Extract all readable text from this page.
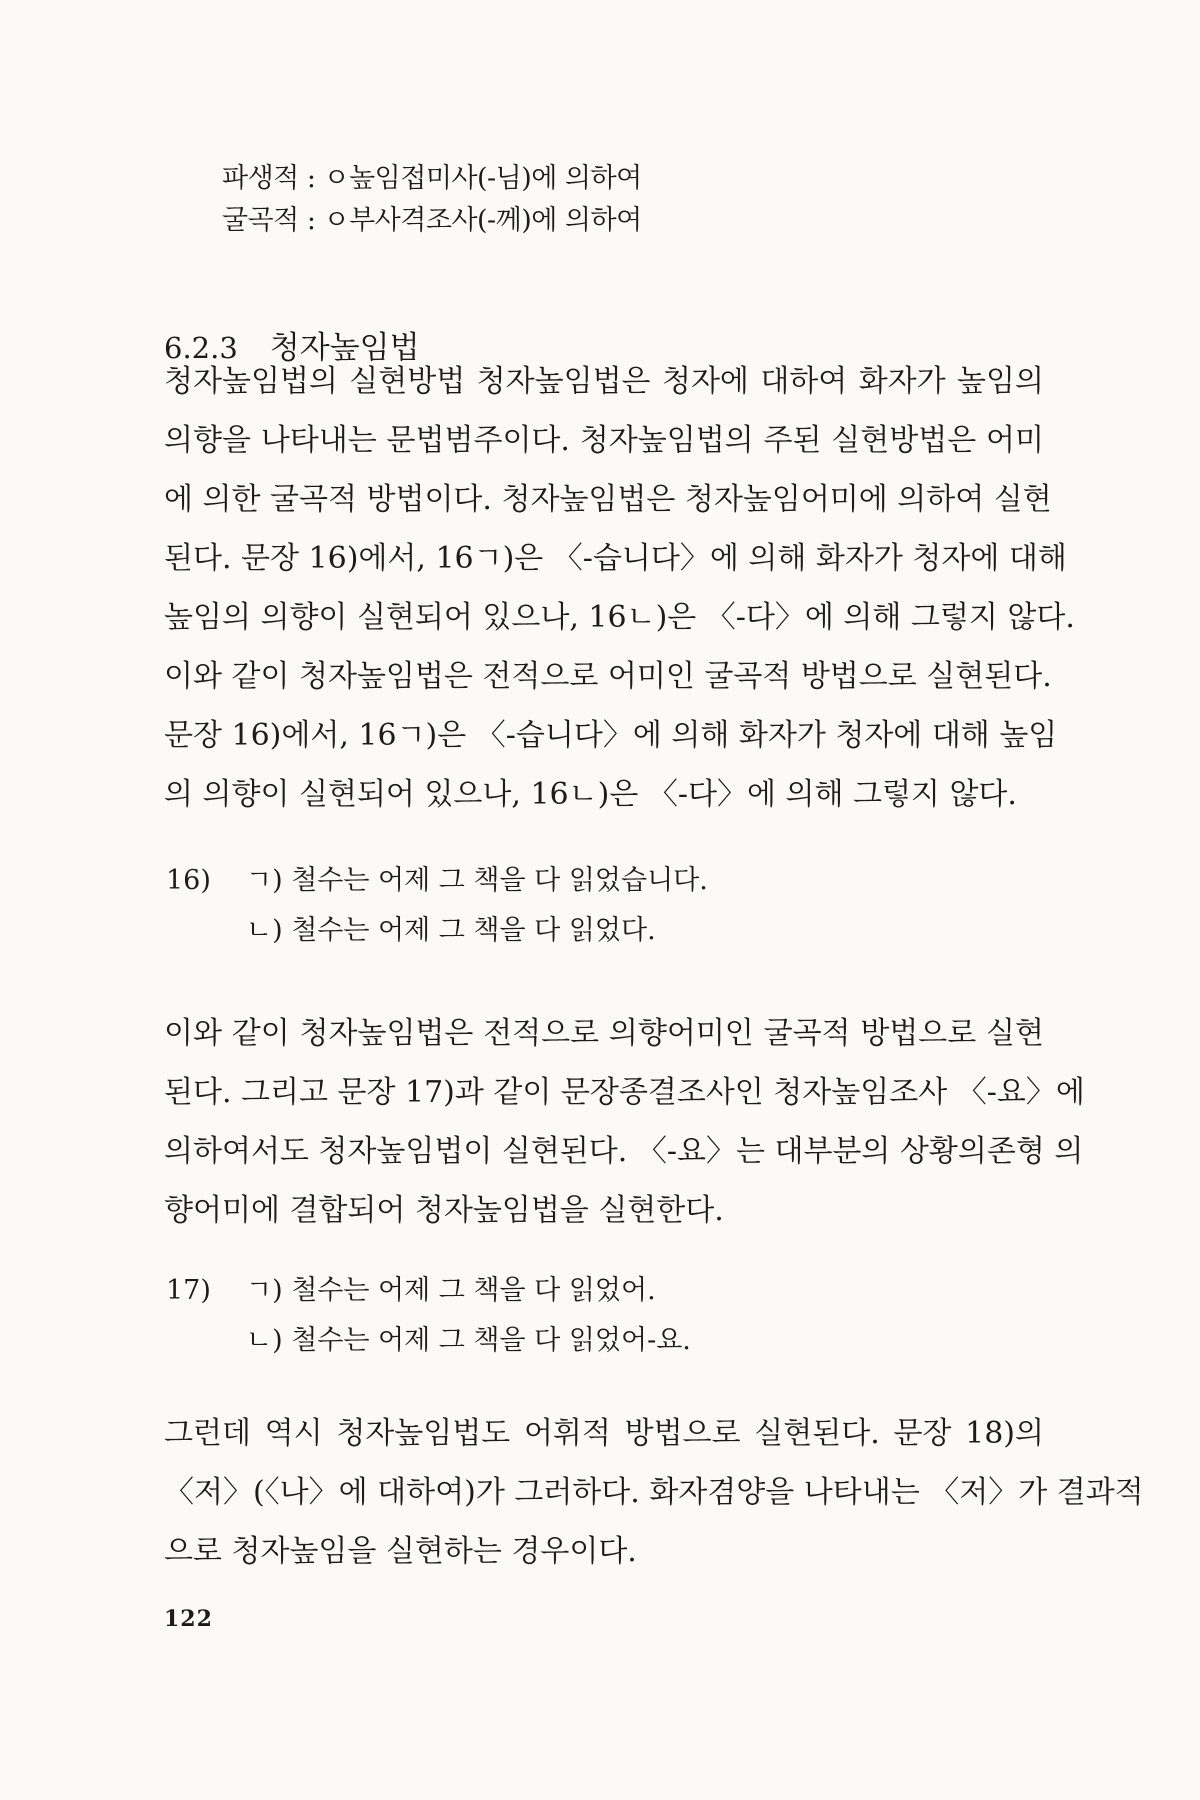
파생적 : ㅇ높임접미사(-님)에 의하여
굴곡적 : ㅇ부사격조사(-께)에 의하여
6.2.3 청자높임법
청자높임법의 실현방법 청자높임법은 청자에 대하여 화자가 높임의
의향을 나타내는 문법범주이다. 청자높임법의 주된 실현방법은 어미
에 의한 굴곡적 방법이다. 청자높임법은 청자높임어미에 의하여 실현
된다. 문장 16)에서, 16ㄱ)은 〈-습니다〉에 의해 화자가 청자에 대해
높임의 의향이 실현되어 있으나, 16ㄴ)은 〈-다〉에 의해 그렇지 않다.
이와 같이 청자높임법은 전적으로 어미인 굴곡적 방법으로 실현된다.
문장 16)에서, 16ㄱ)은 〈-습니다〉에 의해 화자가 청자에 대해 높임
의 의향이 실현되어 있으나, 16ㄴ)은 〈-다〉에 의해 그렇지 않다.
16) ㄱ) 철수는 어제 그 책을 다 읽었습니다.
ㄴ) 철수는 어제 그 책을 다 읽었다.
이와 같이 청자높임법은 전적으로 의향어미인 굴곡적 방법으로 실현
된다. 그리고 문장 17)과 같이 문장종결조사인 청자높임조사 〈-요〉에
의하여서도 청자높임법이 실현된다. 〈-요〉는 대부분의 상황의존형 의
향어미에 결합되어 청자높임법을 실현한다.
17) ㄱ) 철수는 어제 그 책을 다 읽었어.
ㄴ) 철수는 어제 그 책을 다 읽었어-요.
그런데 역시 청자높임법도 어휘적 방법으로 실현된다. 문장 18)의
〈저〉(〈나〉에 대하여)가 그러하다. 화자겸양을 나타내는 〈저〉가 결과적
으로 청자높임을 실현하는 경우이다.
122
